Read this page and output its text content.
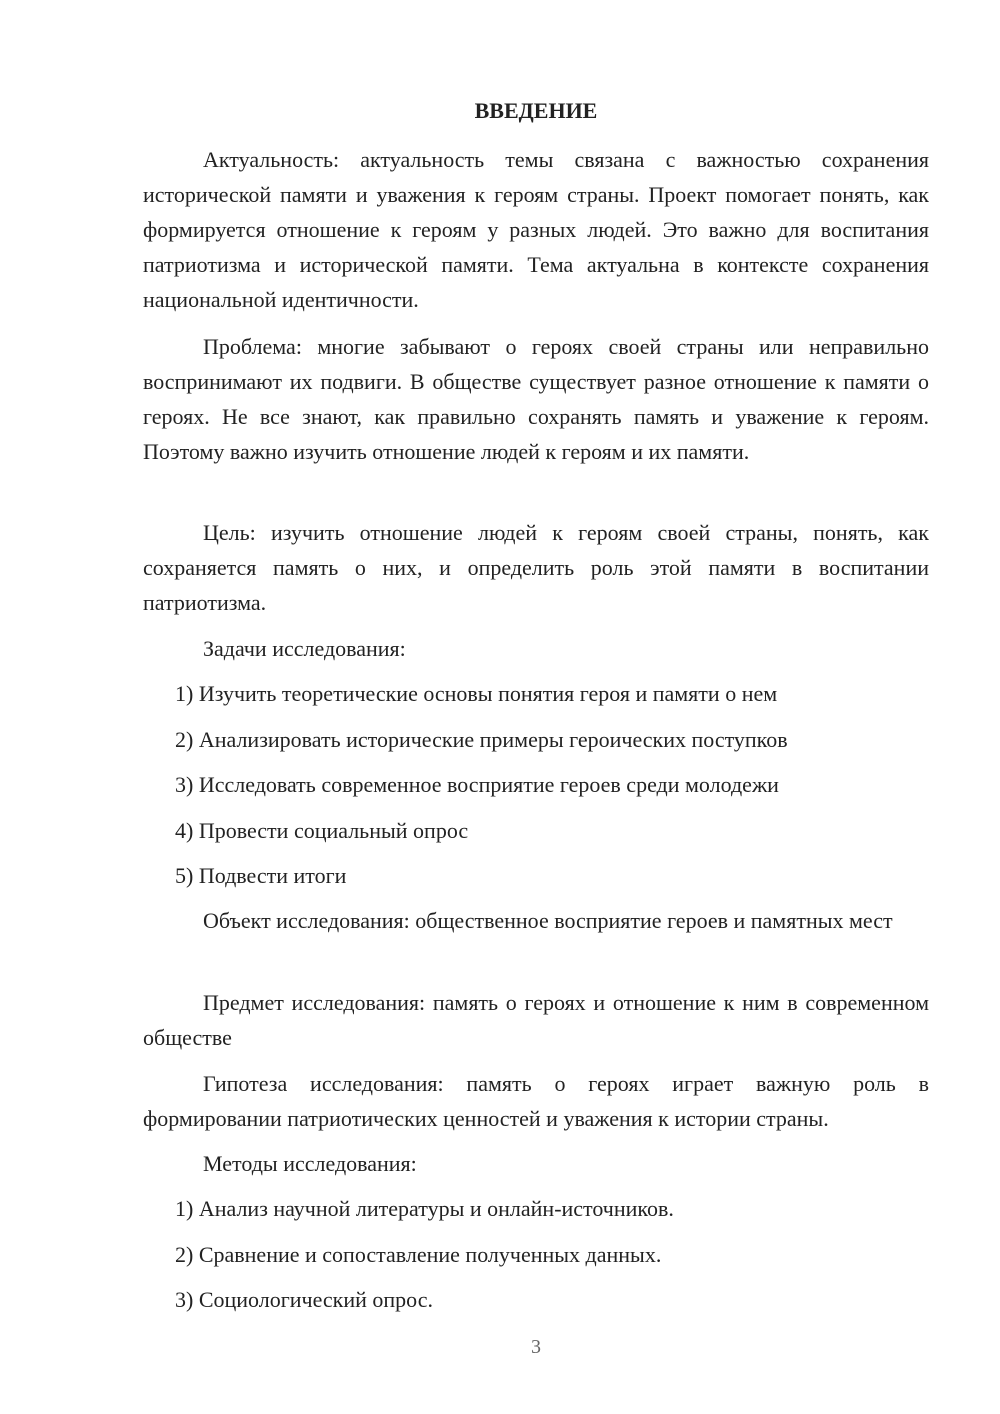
ВВЕДЕНИЕ

Актуальность: актуальность темы связана с важностью сохранения исторической памяти и уважения к героям страны. Проект помогает понять, как формируется отношение к героям у разных людей. Это важно для воспитания патриотизма и исторической памяти. Тема актуальна в контексте сохранения национальной идентичности.

Проблема: многие забывают о героях своей страны или неправильно воспринимают их подвиги. В обществе существует разное отношение к памяти о героях. Не все знают, как правильно сохранять память и уважение к героям. Поэтому важно изучить отношение людей к героям и их памяти.

Цель: изучить отношение людей к героям своей страны, понять, как сохраняется память о них, и определить роль этой памяти в воспитании патриотизма.

Задачи исследования:
1) Изучить теоретические основы понятия героя и памяти о нем
2) Анализировать исторические примеры героических поступков
3) Исследовать современное восприятие героев среди молодежи
4) Провести социальный опрос
5) Подвести итоги

Объект исследования: общественное восприятие героев и памятных мест

Предмет исследования: память о героях и отношение к ним в современном обществе

Гипотеза исследования: память о героях играет важную роль в формировании патриотических ценностей и уважения к истории страны.

Методы исследования:
1) Анализ научной литературы и онлайн-источников.
2) Сравнение и сопоставление полученных данных.
3) Социологический опрос.
3
